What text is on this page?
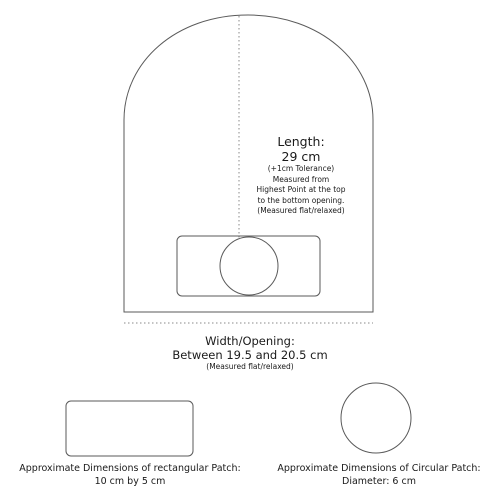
Length:
29 cm
(+1cm Tolerance)
Measured from
Highest Point at the top
to the bottom opening.
(Measured flat/relaxed)
Width/Opening:
Between 19.5 and 20.5 cm
(Measured flat/relaxed)
Approximate Dimensions of rectangular Patch:
10 cm by 5 cm
Approximate Dimensions of Circular Patch:
Diameter: 6 cm
